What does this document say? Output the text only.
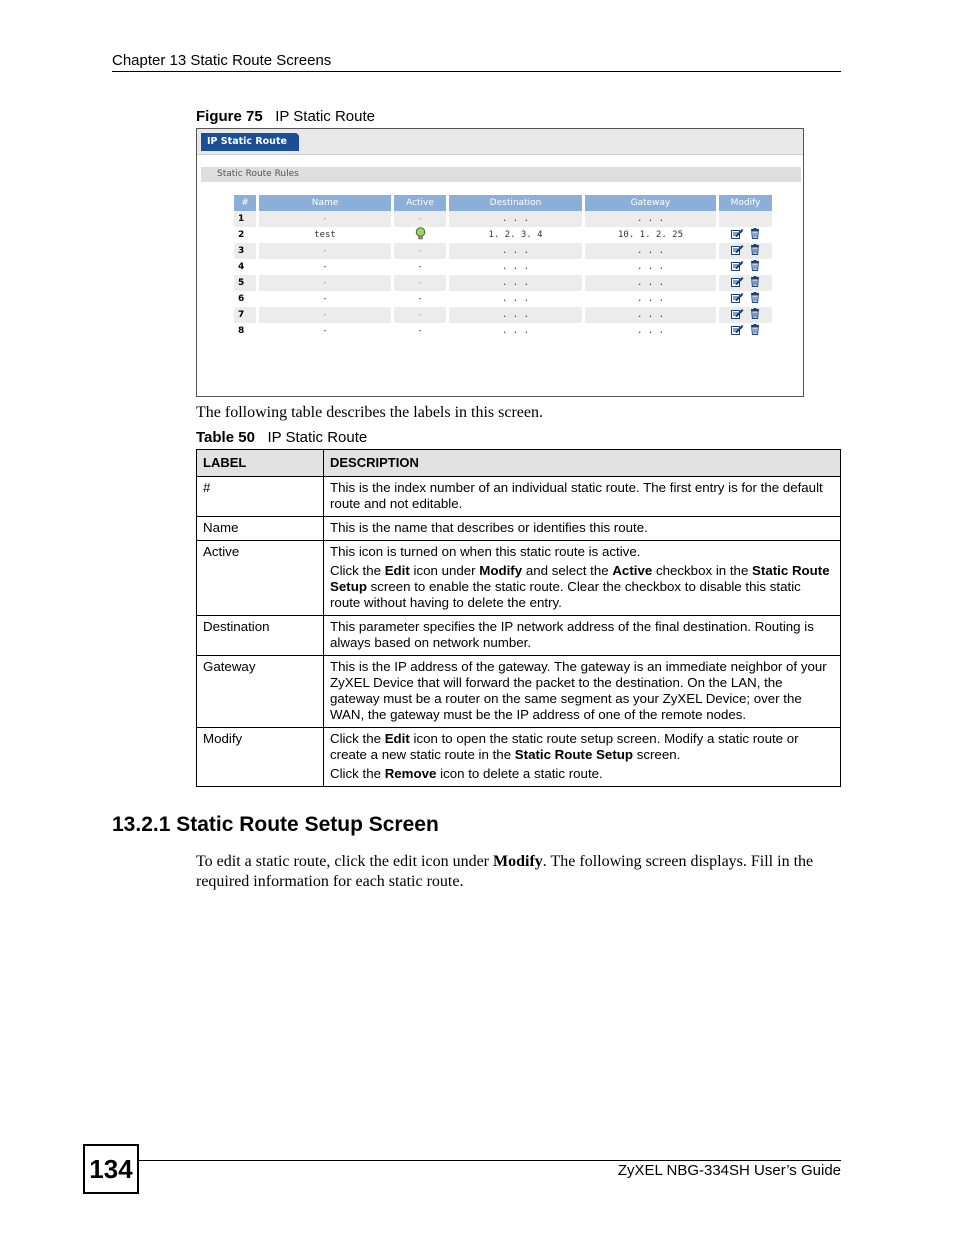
Chapter 13 Static Route Screens
Figure 75 IP Static Route
IP Static Route
Static Route Rules
#	Name	Active	Destination	Gateway	Modify
1	-	-	. . .	. . .	
2	test		1. 2. 3. 4	10. 1. 2. 25	
3	-	-	. . .	. . .	
4	-	-	. . .	. . .	
5	-	-	. . .	. . .	
6	-	-	. . .	. . .	
7	-	-	. . .	. . .	
8	-	-	. . .	. . .	
The following table describes the labels in this screen.
Table 50 IP Static Route
LABEL	DESCRIPTION
#	This is the index number of an individual static route. The first entry is for the default route and not editable.

Name	This is the name that describes or identifies this route.

Active	This icon is turned on when this static route is active.

Click the Edit icon under Modify and select the Active checkbox in the Static Route Setup screen to enable the static route. Clear the checkbox to disable this static route without having to delete the entry.

Destination	This parameter specifies the IP network address of the final destination. Routing is always based on network number.

Gateway	This is the IP address of the gateway. The gateway is an immediate neighbor of your ZyXEL Device that will forward the packet to the destination. On the LAN, the gateway must be a router on the same segment as your ZyXEL Device; over the WAN, the gateway must be the IP address of one of the remote nodes.

Modify	Click the Edit icon to open the static route setup screen. Modify a static route or create a new static route in the Static Route Setup screen.

Click the Remove icon to delete a static route.

13.2.1 Static Route Setup Screen

To edit a static route, click the edit icon under Modify. The following screen displays. Fill in the required information for each static route.

134	ZyXEL NBG-334SH User’s Guide
